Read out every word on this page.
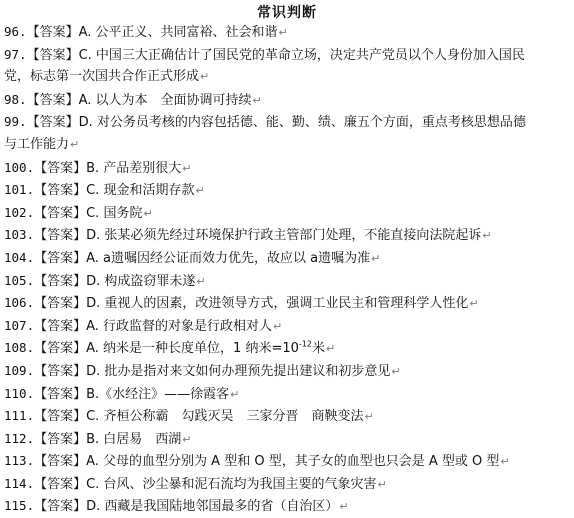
常识判断
96.【答案】A. 公平正义、共同富裕、社会和谐↵
97.【答案】C. 中国三大正确估计了国民党的革命立场，决定共产党员以个人身份加入国民
党，标志第一次国共合作正式形成↵
98.【答案】A. 以人为本　全面协调可持续↵
99.【答案】D. 对公务员考核的内容包括德、能、勤、绩、廉五个方面，重点考核思想品德
与工作能力↵
100.【答案】B. 产品差别很大↵
101.【答案】C. 现金和活期存款↵
102.【答案】C. 国务院↵
103.【答案】D. 张某必须先经过环境保护行政主管部门处理，不能直接向法院起诉↵
104.【答案】A. a遗嘱因经公证而效力优先，故应以 a遗嘱为准↵
105.【答案】D. 构成盗窃罪未遂↵
106.【答案】D. 重视人的因素，改进领导方式，强调工业民主和管理科学人性化↵
107.【答案】A. 行政监督的对象是行政相对人↵
108.【答案】A. 纳米是一种长度单位，1 纳米$=10^{-12}$米↵
109.【答案】D. 批办是指对来文如何办理预先提出建议和初步意见↵
110.【答案】B.《水经注》——徐霞客↵
111.【答案】C. 齐桓公称霸　勾践灭吴　三家分晋　商鞅变法↵
112.【答案】B. 白居易　西湖↵
113.【答案】A. 父母的血型分别为 A 型和 O 型，其子女的血型也只会是 A 型或 O 型↵
114.【答案】C. 台风、沙尘暴和泥石流均为我国主要的气象灾害↵
115.【答案】D. 西藏是我国陆地邻国最多的省（自治区）↵
